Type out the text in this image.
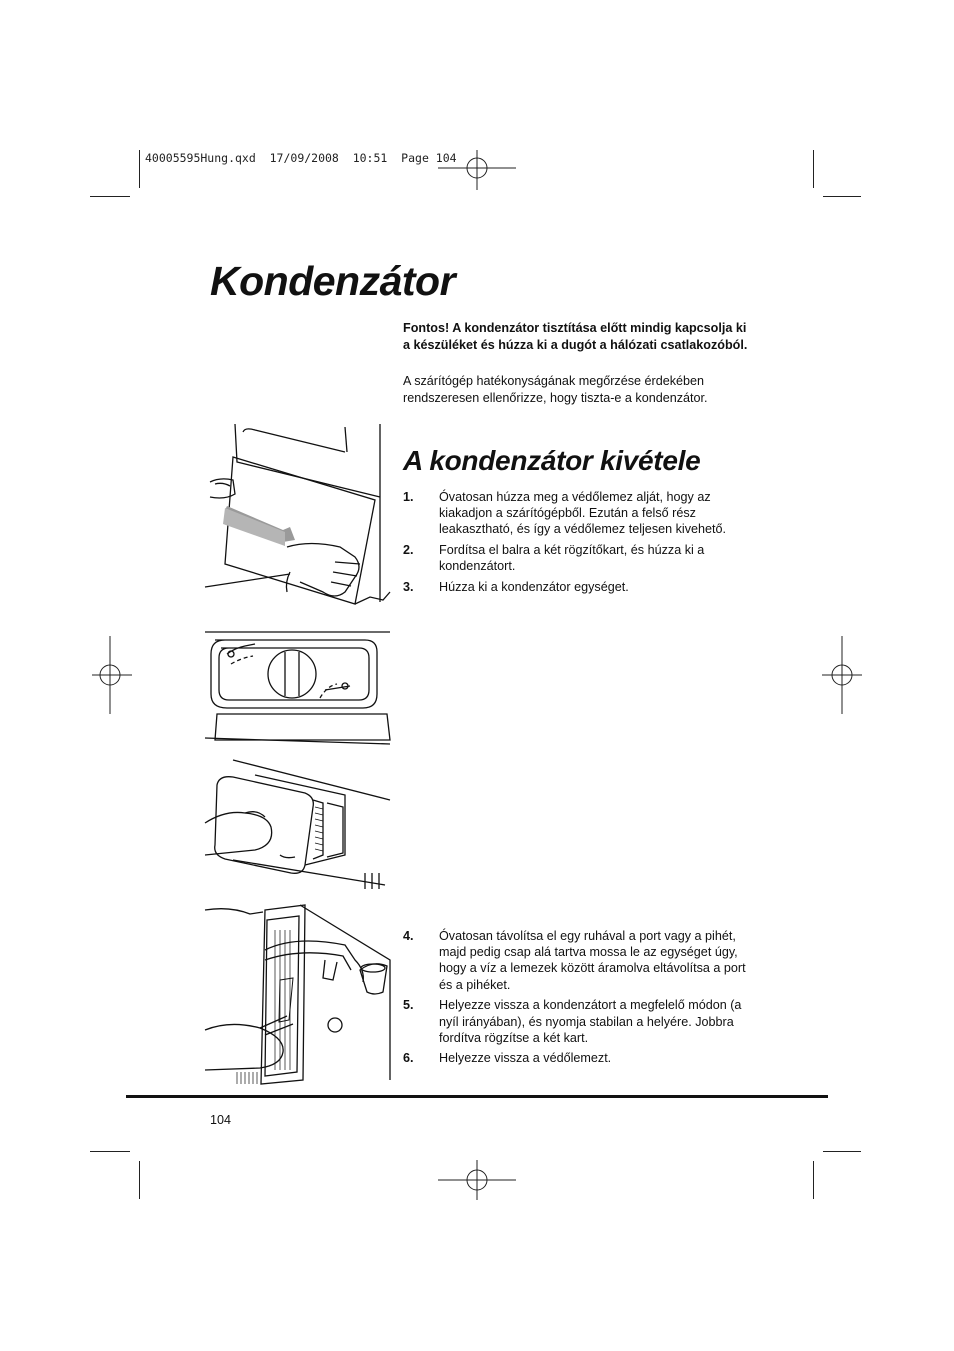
40005595Hung.qxd  17/09/2008  10:51  Page 104
Kondenzátor
Fontos! A kondenzátor tisztítása előtt mindig kapcsolja ki a készüléket és húzza ki a dugót a hálózati csatlakozóból.
A szárítógép hatékonyságának megőrzése érdekében rendszeresen ellenőrizze, hogy tiszta-e a kondenzátor.
A kondenzátor kivétele
1. Óvatosan húzza meg a védőlemez alját, hogy az kiakadjon a szárítógépből. Ezután a felső rész leakasztható, és így a védőlemez teljesen kivehető.
2. Fordítsa el balra a két rögzítőkart, és húzza ki a kondenzátort.
3. Húzza ki a kondenzátor egységet.
4. Óvatosan távolítsa el egy ruhával a port vagy a pihét, majd pedig csap alá tartva mossa le az egységet úgy, hogy a víz a lemezek között áramolva eltávolítsa a port és a pihéket.
5. Helyezze vissza a kondenzátort a megfelelő módon (a nyíl irányában), és nyomja stabilan a helyére. Jobbra fordítva rögzítse a két kart.
6. Helyezze vissza a védőlemezt.
104
